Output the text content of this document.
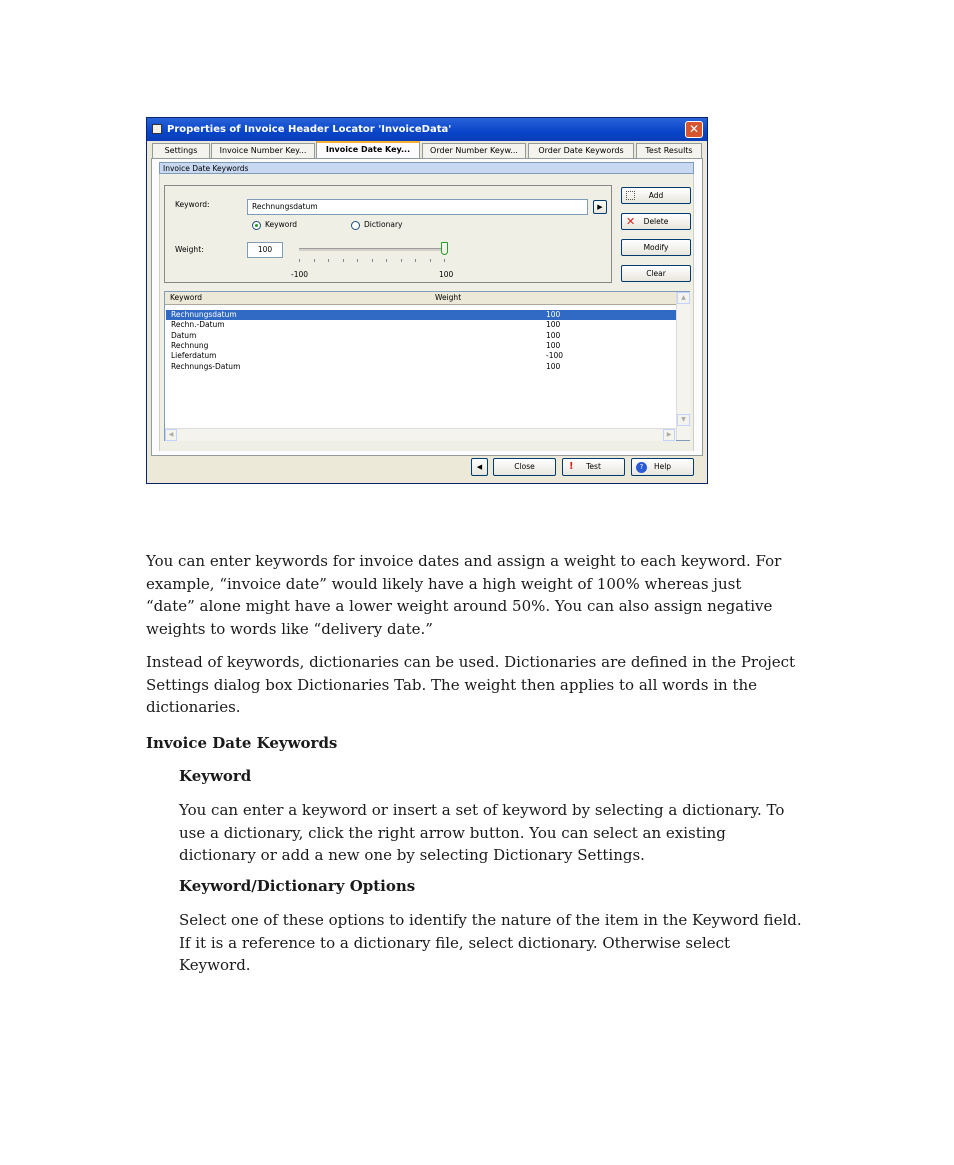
Properties of Invoice Header Locator 'InvoiceData'	✕
Settings	Invoice Number Key...	Invoice Date Key...	Order Number Keyw...	Order Date Keywords	Test Results
Invoice Date Keywords
Keyword:	Rechnungsdatum	▶
Keyword	Dictionary
Weight:	100
-100	100
Add
✕ Delete
Modify
Clear
Keyword	Weight
Rechnungsdatum	100
Rechn.-Datum	100
Datum	100
Rechnung	100
Lieferdatum	-100
Rechnungs-Datum	100
▲
▼
◀	▶
◀	Close	! Test	?	Help
You can enter keywords for invoice dates and assign a weight to each keyword. For
example, “invoice date” would likely have a high weight of 100% whereas just
“date” alone might have a lower weight around 50%. You can also assign negative
weights to words like “delivery date.”
Instead of keywords, dictionaries can be used. Dictionaries are defined in the Project
Settings dialog box Dictionaries Tab. The weight then applies to all words in the
dictionaries.
Invoice Date Keywords
Keyword
You can enter a keyword or insert a set of keyword by selecting a dictionary. To
use a dictionary, click the right arrow button. You can select an existing
dictionary or add a new one by selecting Dictionary Settings.
Keyword/Dictionary Options
Select one of these options to identify the nature of the item in the Keyword field.
If it is a reference to a dictionary file, select dictionary. Otherwise select
Keyword.
